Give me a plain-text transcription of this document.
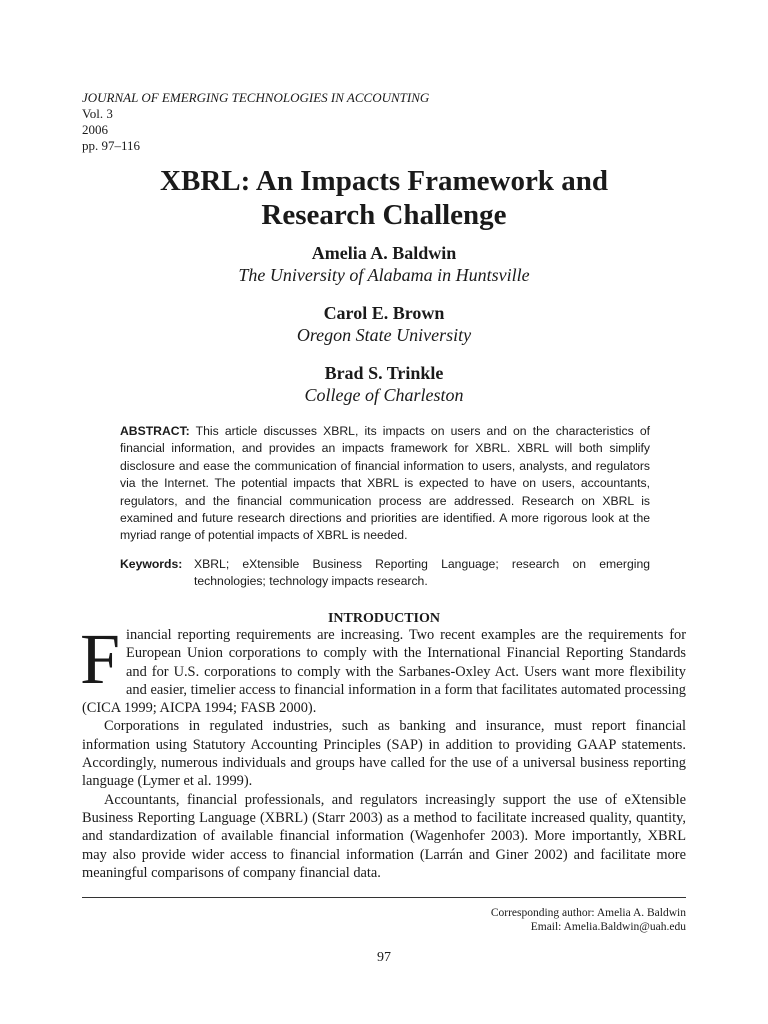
JOURNAL OF EMERGING TECHNOLOGIES IN ACCOUNTING
Vol. 3
2006
pp. 97–116
XBRL: An Impacts Framework and
Research Challenge
Amelia A. Baldwin
The University of Alabama in Huntsville
Carol E. Brown
Oregon State University
Brad S. Trinkle
College of Charleston
ABSTRACT: This article discusses XBRL, its impacts on users and on the characteristics of financial information, and provides an impacts framework for XBRL. XBRL will both simplify disclosure and ease the communication of financial information to users, analysts, and regulators via the Internet. The potential impacts that XBRL is expected to have on users, accountants, regulators, and the financial communication process are addressed. Research on XBRL is examined and future research directions and priorities are identified. A more rigorous look at the myriad range of potential impacts of XBRL is needed.
Keywords: XBRL; eXtensible Business Reporting Language; research on emerging technologies; technology impacts research.
INTRODUCTION

Financial reporting requirements are increasing. Two recent examples are the requirements for European Union corporations to comply with the International Financial Reporting Standards and for U.S. corporations to comply with the Sarbanes-Oxley Act. Users want more flexibility and easier, timelier access to financial information in a form that facilitates automated processing (CICA 1999; AICPA 1994; FASB 2000).

Corporations in regulated industries, such as banking and insurance, must report financial information using Statutory Accounting Principles (SAP) in addition to providing GAAP statements. Accordingly, numerous individuals and groups have called for the use of a universal business reporting language (Lymer et al. 1999).

Accountants, financial professionals, and regulators increasingly support the use of eXtensible Business Reporting Language (XBRL) (Starr 2003) as a method to facilitate increased quality, quantity, and standardization of available financial information (Wagenhofer 2003). More importantly, XBRL may also provide wider access to financial information (Larrán and Giner 2002) and facilitate more meaningful comparisons of company financial data.

Corresponding author: Amelia A. Baldwin
Email: Amelia.Baldwin@uah.edu
97
